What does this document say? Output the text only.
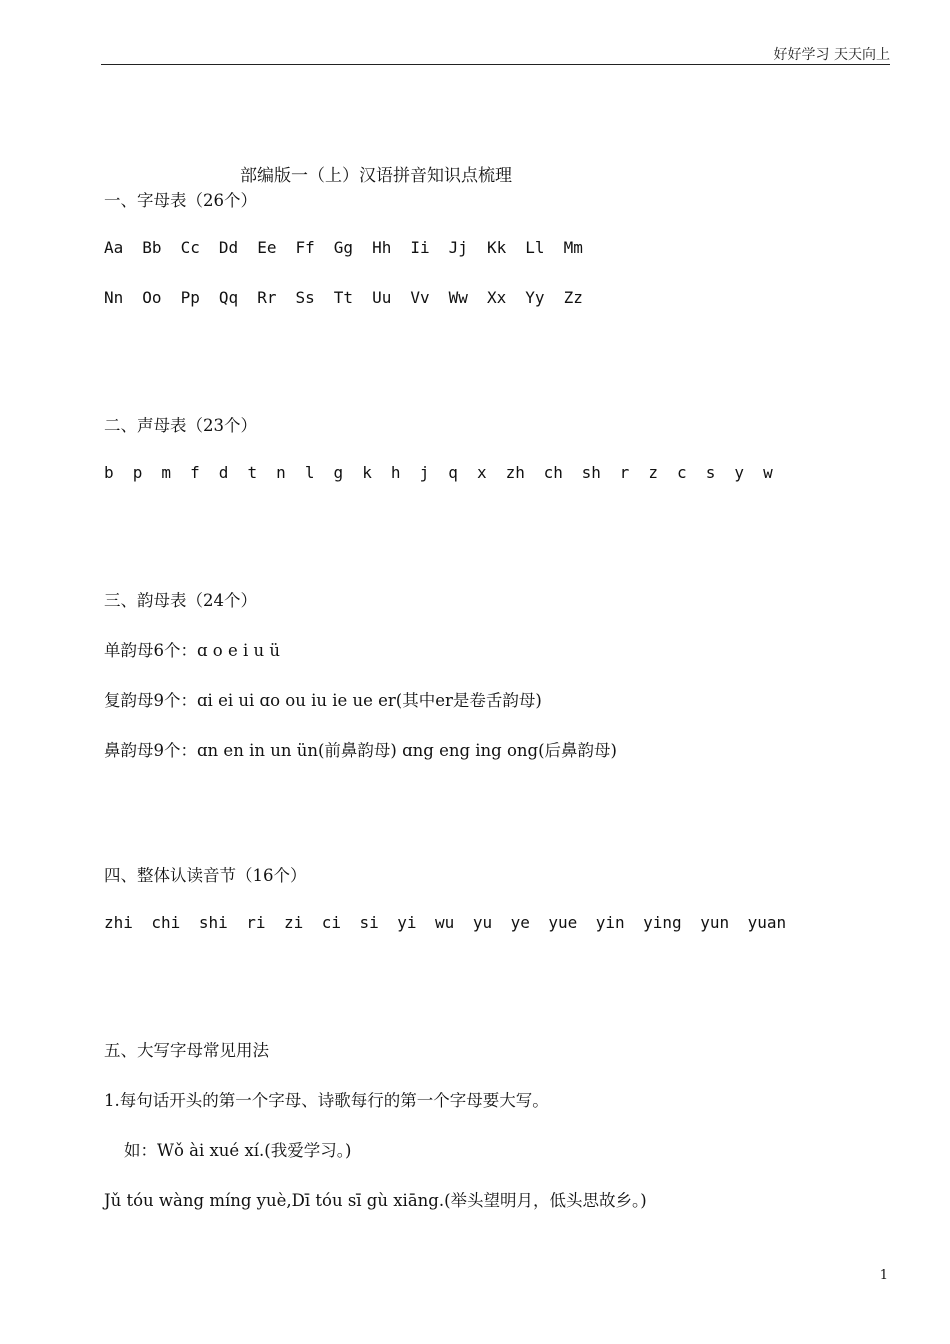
好好学习 天天向上
部编版一（上）汉语拼音知识点梳理
一、字母表（26个）
Aa Bb Cc Dd Ee Ff Gg Hh Ii Jj Kk Ll Mm
Nn Oo Pp Qq Rr Ss Tt Uu Vv Ww Xx Yy Zz
二、声母表（23个）
b p m f d t n l g k h j q x zh ch sh r z c s y w
三、韵母表（24个）
单韵母6个：ɑ o e i u ü
复韵母9个：ɑi ei ui ɑo ou iu ie ue er(其中er是卷舌韵母)
鼻韵母9个：ɑn en in un ün(前鼻韵母) ɑng eng ing ong(后鼻韵母)
四、整体认读音节（16个）
zhi chi shi ri zi ci si yi wu yu ye yue yin ying yun yuan
五、大写字母常见用法
1.每句话开头的第一个字母、诗歌每行的第一个字母要大写。
如：Wǒ ài xué xí.(我爱学习。)
Jǔ tóu wàng míng yuè,Dī tóu sī gù xiāng.(举头望明月，低头思故乡。)
1
